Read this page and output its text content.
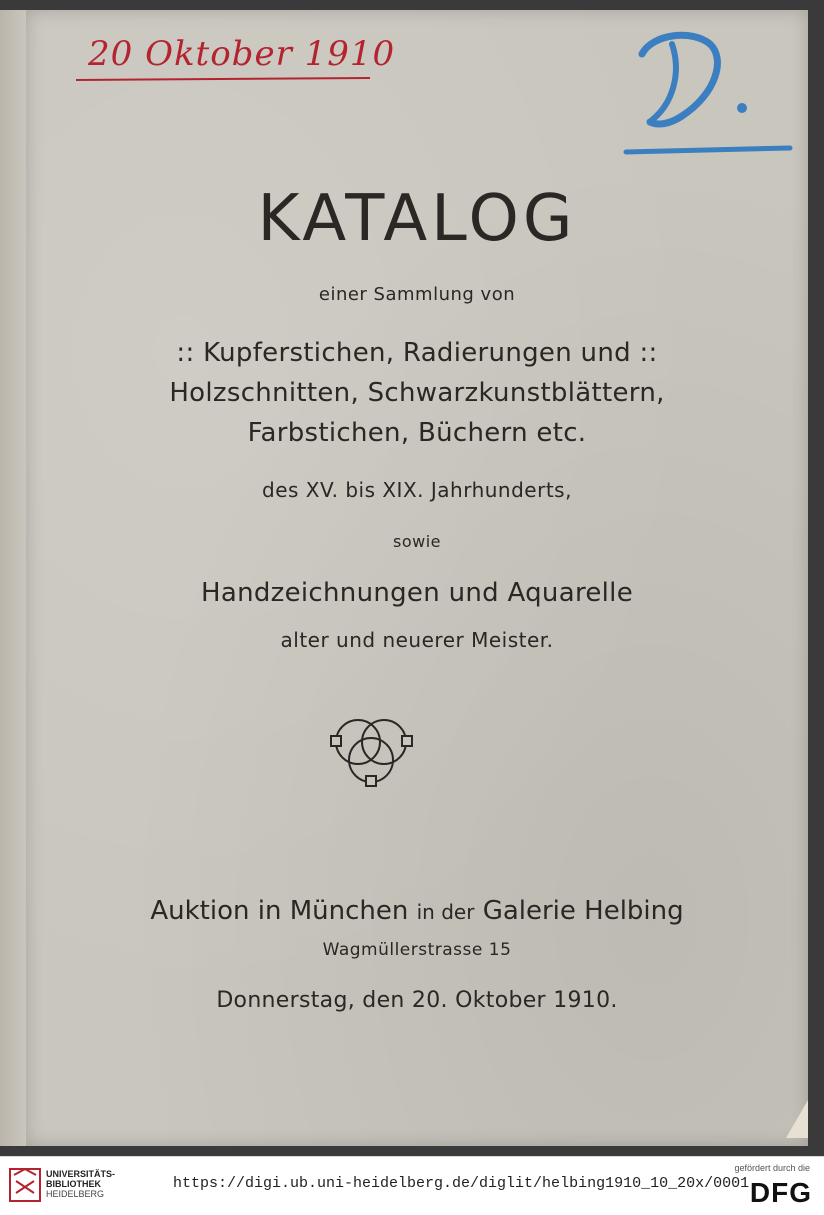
20 Oktober 1910
KATALOG
einer Sammlung von
:: Kupferstichen, Radierungen und ::
Holzschnitten, Schwarzkunstblättern,
Farbstichen, Büchern etc.
des XV. bis XIX. Jahrhunderts,
sowie
Handzeichnungen und Aquarelle
alter und neuerer Meister.
Auktion in München in der Galerie Helbing
Wagmüllerstrasse 15
Donnerstag, den 20. Oktober 1910.
UNIVERSITÄTS-
BIBLIOTHEK
HEIDELBERG
https://digi.ub.uni-heidelberg.de/diglit/helbing1910_10_20x/0001
gefördert durch die
DFG
